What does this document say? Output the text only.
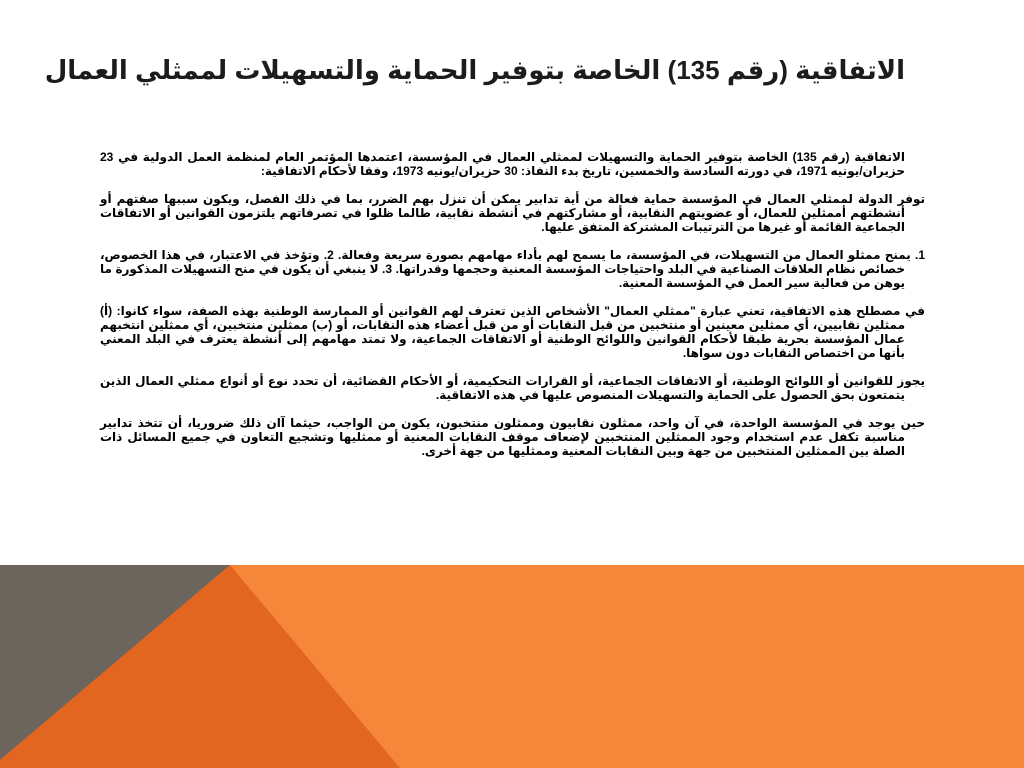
الاتفاقية (رقم 135) الخاصة بتوفير الحماية والتسهيلات لممثلي العمال

الاتفاقية (رقم 135) الخاصة بتوفير الحماية والتسهيلات لممثلي العمال في المؤسسة، اعتمدها المؤتمر العام لمنظمة العمل الدولية في 23 حزيران/يونيه 1971، في دورته السادسة والخمسين، تاريخ بدء النفاذ: 30 حزيران/يونيه 1973، وفقا لأحكام الاتفاقية:

توفر الدولة لممثلي العمال في المؤسسة حماية فعالة من أية تدابير يمكن أن تنزل بهم الضرر، بما في ذلك الفصل، ويكون سببها صفتهم أو أنشطتهم أممثلين للعمال، أو عضويتهم النقابية، أو مشاركتهم في أنشطة نقابية، طالما ظلوا في تصرفاتهم يلتزمون القوانين أو الاتفاقات الجماعية القائمة أو غيرها من الترتيبات المشتركة المتفق عليها.

1. يمنح ممثلو العمال من التسهيلات، في المؤسسة، ما يسمح لهم بأداء مهامهم بصورة سريعة وفعالة. 2. وتؤخذ في الاعتبار، في هذا الخصوص، خصائص نظام العلاقات الصناعية في البلد واحتياجات المؤسسة المعنية وحجمها وقدراتها. 3. لا ينبغي أن يكون في منح التسهيلات المذكورة ما يوهن من فعالية سير العمل في المؤسسة المعنية.

في مصطلح هذه الاتفاقية، تعني عبارة "ممثلي العمال" الأشخاص الذين تعترف لهم القوانين أو الممارسة الوطنية بهذه الصفة، سواء كانوا: (أ) ممثلين نقابيين، أي ممثلين معينين أو منتخبين من قبل النقابات أو من قبل أعضاء هذه النقابات، أو (ب) ممثلين منتخبين، أي ممثلين انتخبهم عمال المؤسسة بحرية طبقا لأحكام القوانين واللوائح الوطنية أو الاتفاقات الجماعية، ولا تمتد مهامهم إلى أنشطة يعترف في البلد المعني بأنها من اختصاص النقابات دون سواها.

يجوز للقوانين أو اللوائح الوطنية، أو الاتفاقات الجماعية، أو القرارات التحكيمية، أو الأحكام القضائية، أن تحدد نوع أو أنواع ممثلي العمال الذين يتمتعون بحق الحصول على الحماية والتسهيلات المنصوص عليها في هذه الاتفاقية.

حين يوجد في المؤسسة الواحدة، في آن واحد، ممثلون نقابيون وممثلون منتخبون، يكون من الواجب، حيثما آان ذلك ضروريا، أن تتخذ تدابير مناسبة تكفل عدم استخدام وجود الممثلين المنتخبين لإضعاف موقف النقابات المعنية أو ممثليها وتشجيع التعاون في جميع المسائل ذات الصلة بين الممثلين المنتخبين من جهة وبين النقابات المعنية وممثليها من جهة أخرى.
